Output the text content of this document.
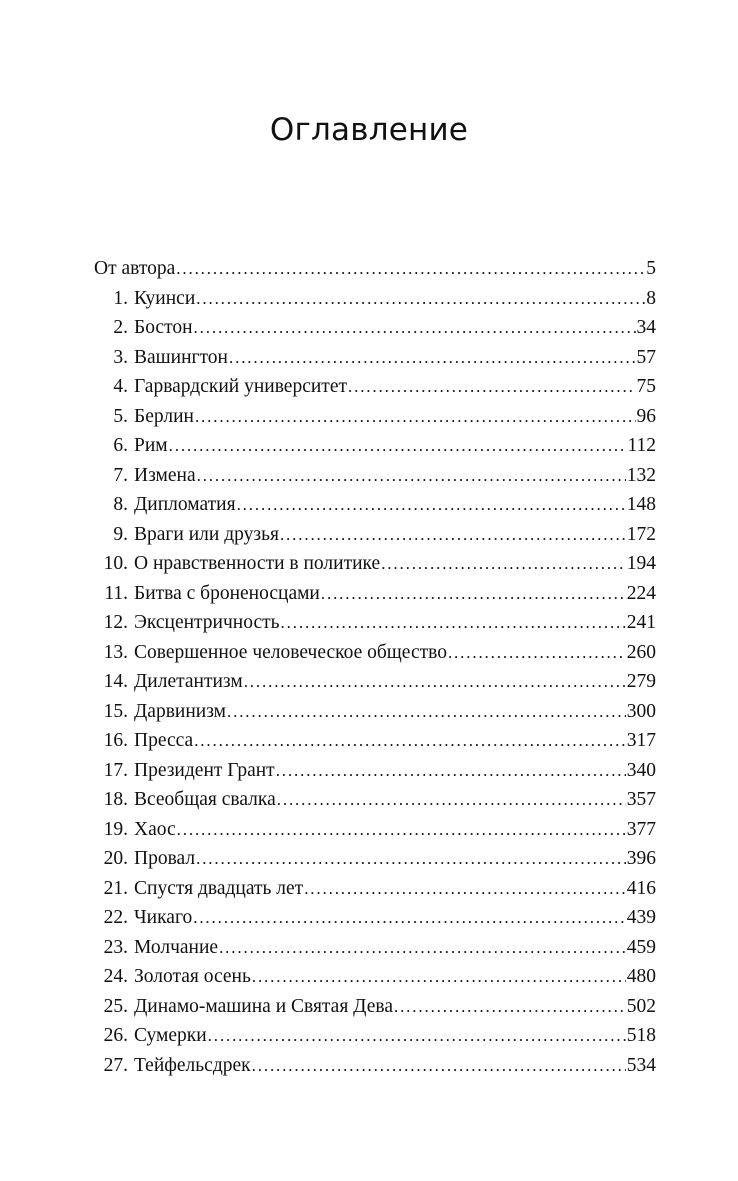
Оглавление
От автора . . .	5
1. Куинси . . .	8
2. Бостон . . .	34
3. Вашингтон . . .	57
4. Гарвардский университет . . .	75
5. Берлин . . .	96
6. Рим . . .	112
7. Измена . . .	132
8. Дипломатия . . .	148
9. Враги или друзья . . .	172
10. О нравственности в политике . . .	194
11. Битва с броненосцами . . .	224
12. Эксцентричность . . .	241
13. Совершенное человеческое общество . . .	260
14. Дилетантизм . . .	279
15. Дарвинизм . . .	300
16. Пресса . . .	317
17. Президент Грант . . .	340
18. Всеобщая свалка . . .	357
19. Хаос . . .	377
20. Провал . . .	396
21. Спустя двадцать лет . . .	416
22. Чикаго . . .	439
23. Молчание . . .	459
24. Золотая осень . . .	480
25. Динамо-машина и Святая Дева . . .	502
26. Сумерки . . .	518
27. Тейфельсдрек . . .	534
